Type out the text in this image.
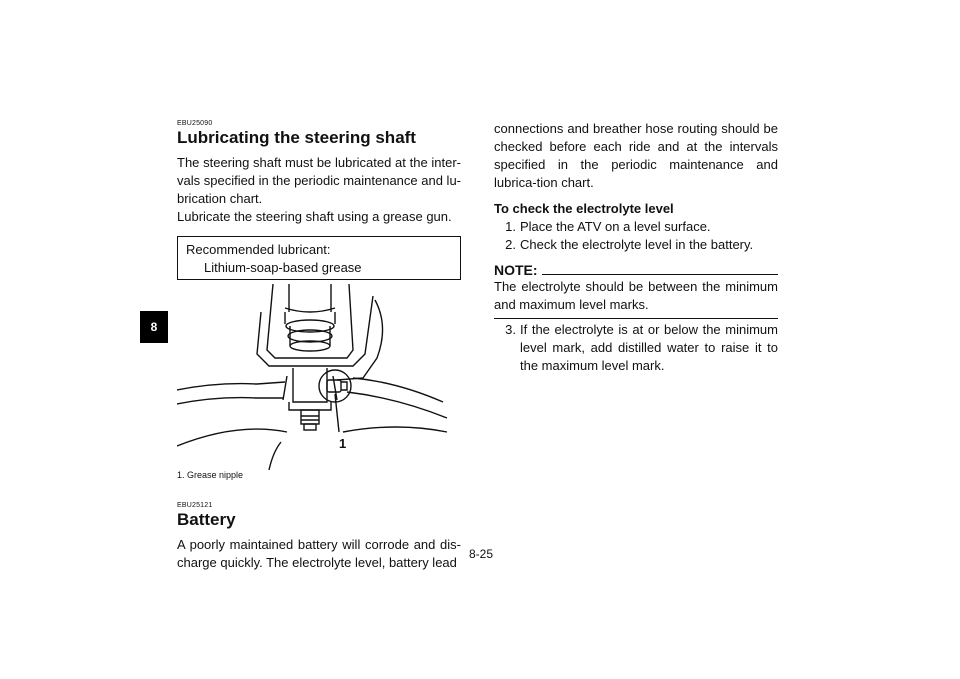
8
EBU25090
Lubricating the steering shaft

The steering shaft must be lubricated at the inter-vals specified in the periodic maintenance and lu-brication chart.

Lubricate the steering shaft using a grease gun.

Recommended lubricant:
Lithium-soap-based grease
1
1. Grease nipple
EBU25121
Battery

A poorly maintained battery will corrode and dis-charge quickly. The electrolyte level, battery lead

connections and breather hose routing should be checked before each ride and at the intervals specified in the periodic maintenance and lubrica-tion chart.

To check the electrolyte level
1. Place the ATV on a level surface.
2. Check the electrolyte level in the battery.
NOTE:

The electrolyte should be between the minimum and maximum level marks.

3. If the electrolyte is at or below the minimum level mark, add distilled water to raise it to the maximum level mark.
8-25
